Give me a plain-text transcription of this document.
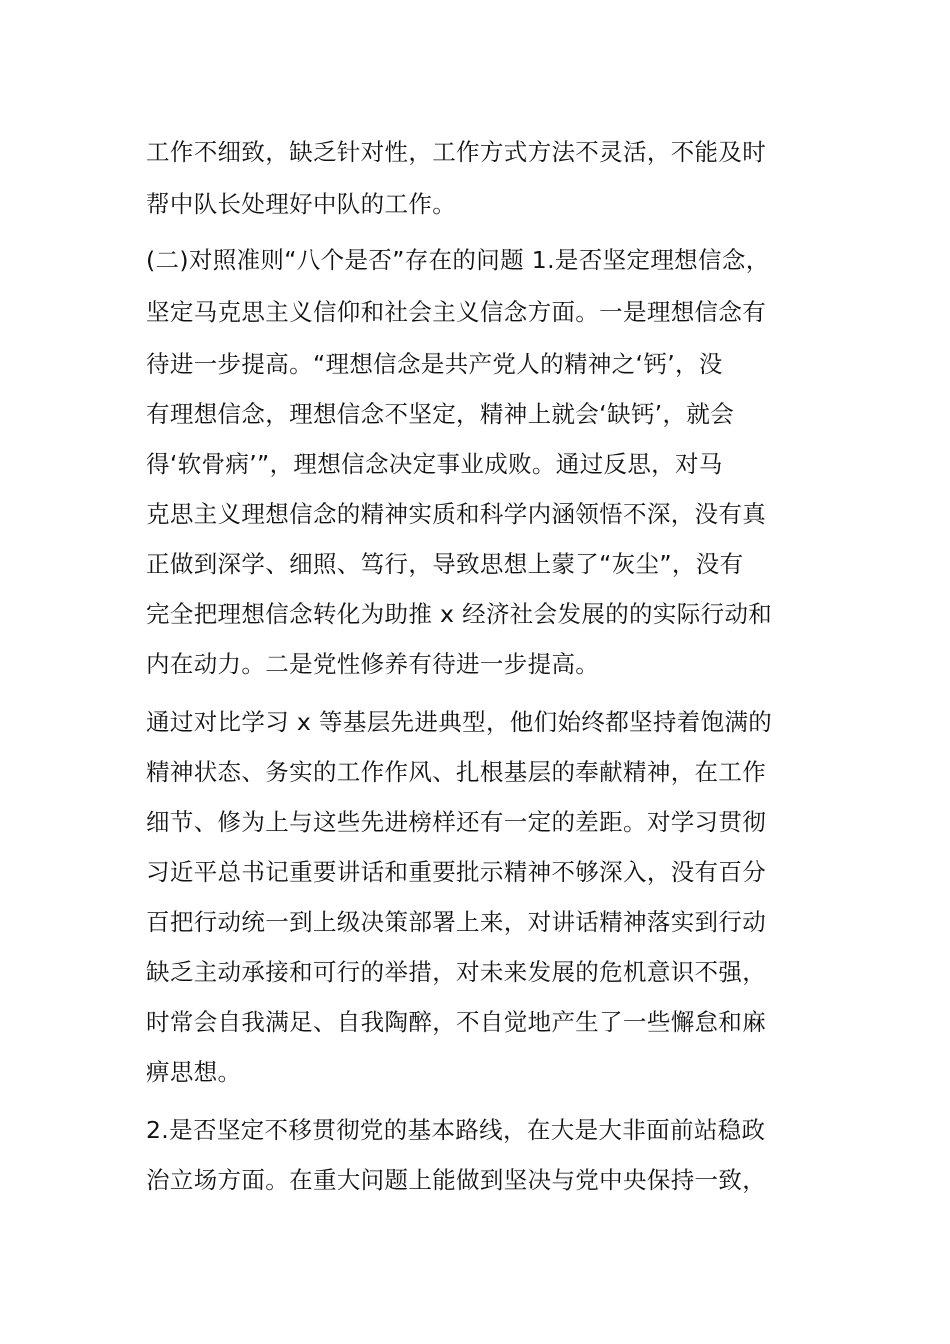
工作不细致，缺乏针对性，工作方式方法不灵活，不能及时
帮中队长处理好中队的工作。
(二)对照准则“八个是否”存在的问题 1.是否坚定理想信念，
坚定马克思主义信仰和社会主义信念方面。一是理想信念有
待进一步提高。“理想信念是共产党人的精神之‘钙’，没
有理想信念，理想信念不坚定，精神上就会‘缺钙’，就会
得‘软骨病’”，理想信念决定事业成败。通过反思，对马
克思主义理想信念的精神实质和科学内涵领悟不深，没有真
正做到深学、细照、笃行，导致思想上蒙了“灰尘”，没有
完全把理想信念转化为助推 x 经济社会发展的的实际行动和
内在动力。二是党性修养有待进一步提高。
通过对比学习 x 等基层先进典型，他们始终都坚持着饱满的
精神状态、务实的工作作风、扎根基层的奉献精神，在工作
细节、修为上与这些先进榜样还有一定的差距。对学习贯彻
习近平总书记重要讲话和重要批示精神不够深入，没有百分
百把行动统一到上级决策部署上来，对讲话精神落实到行动
缺乏主动承接和可行的举措，对未来发展的危机意识不强，
时常会自我满足、自我陶醉，不自觉地产生了一些懈怠和麻
痹思想。
2.是否坚定不移贯彻党的基本路线，在大是大非面前站稳政
治立场方面。在重大问题上能做到坚决与党中央保持一致，
